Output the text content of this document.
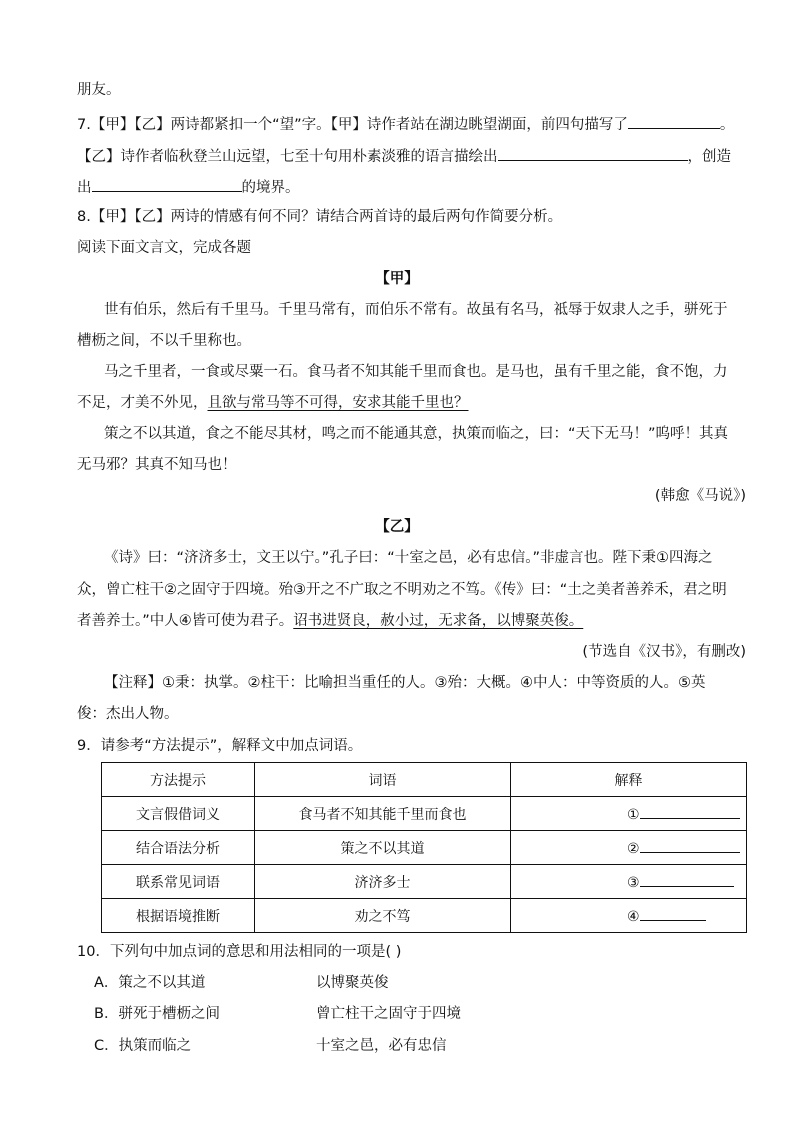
朋友。
7.【甲】【乙】两诗都紧扣一个“望”字。【甲】诗作者站在湖边眺望湖面，前四句描写了	。
【乙】诗作者临秋登兰山远望，七至十句用朴素淡雅的语言描绘出	，创造
出	的境界。
8.【甲】【乙】两诗的情感有何不同？请结合两首诗的最后两句作简要分析。
阅读下面文言文，完成各题
【甲】
世有伯乐，然后有千里马。千里马常有，而伯乐不常有。故虽有名马，祗辱于奴隶人之手，骈死于
槽枥之间，不以千里称也。
马之千里者，一食或尽粟一石。食马者不知其能千里而食也。是马也，虽有千里之能，食不饱，力
不足，才美不外见，且欲与常马等不可得，安求其能千里也？
策之不以其道，食之不能尽其材，鸣之而不能通其意，执策而临之，曰：“天下无马！”呜呼！其真
无马邪？其真不知马也！
(韩愈《马说》)
【乙】
《诗》曰：“济济多士，文王以宁。”孔子曰：“十室之邑，必有忠信。”非虚言也。陛下秉①四海之
众，曾亡柱干②之固守于四境。殆③开之不广取之不明劝之不笃。《传》曰：“土之美者善养禾，君之明
者善养士。”中人④皆可使为君子。诏书进贤良，赦小过，无求备，以博聚英俊。
(节选自《汉书》，有删改)
【注释】①秉：执掌。②柱干：比喻担当重任的人。③殆：大概。④中人：中等资质的人。⑤英
俊：杰出人物。
9．请参考“方法提示”，解释文中加点词语。
方法提示	词语	解释
文言假借词义	食马者不知其能千里而食也	①
结合语法分析	策之不以其道	②
联系常见词语	济济多士	③
根据语境推断	劝之不笃	④
10．下列句中加点词的意思和用法相同的一项是( )
A．策之不以其道	以博聚英俊
B．骈死于槽枥之间	曾亡柱干之固守于四境
C．执策而临之	十室之邑，必有忠信
